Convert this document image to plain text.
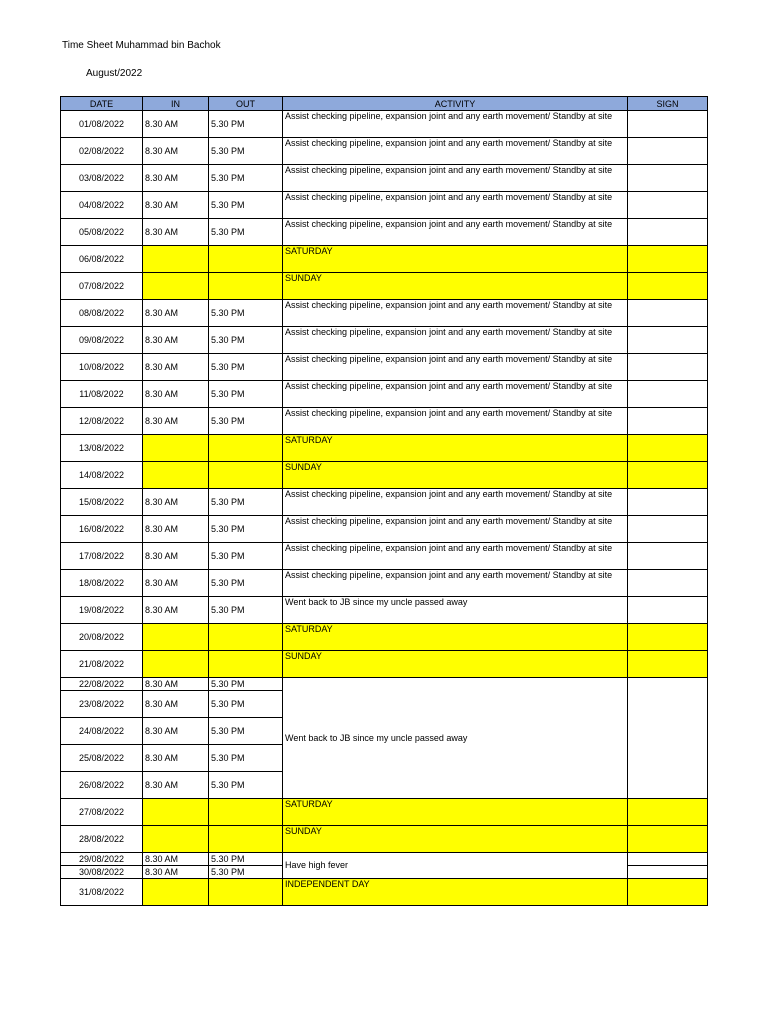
Time Sheet Muhammad bin Bachok
August/2022
DATE	IN	OUT	ACTIVITY	SIGN
01/08/2022	8.30 AM	5.30 PM	Assist checking pipeline, expansion joint and any earth movement/ Standby at site	
02/08/2022	8.30 AM	5.30 PM	Assist checking pipeline, expansion joint and any earth movement/ Standby at site	
03/08/2022	8.30 AM	5.30 PM	Assist checking pipeline, expansion joint and any earth movement/ Standby at site	
04/08/2022	8.30 AM	5.30 PM	Assist checking pipeline, expansion joint and any earth movement/ Standby at site	
05/08/2022	8.30 AM	5.30 PM	Assist checking pipeline, expansion joint and any earth movement/ Standby at site	
06/08/2022			SATURDAY	
07/08/2022			SUNDAY	
08/08/2022	8.30 AM	5.30 PM	Assist checking pipeline, expansion joint and any earth movement/ Standby at site	
09/08/2022	8.30 AM	5.30 PM	Assist checking pipeline, expansion joint and any earth movement/ Standby at site	
10/08/2022	8.30 AM	5.30 PM	Assist checking pipeline, expansion joint and any earth movement/ Standby at site	
11/08/2022	8.30 AM	5.30 PM	Assist checking pipeline, expansion joint and any earth movement/ Standby at site	
12/08/2022	8.30 AM	5.30 PM	Assist checking pipeline, expansion joint and any earth movement/ Standby at site	
13/08/2022			SATURDAY	
14/08/2022			SUNDAY	
15/08/2022	8.30 AM	5.30 PM	Assist checking pipeline, expansion joint and any earth movement/ Standby at site	
16/08/2022	8.30 AM	5.30 PM	Assist checking pipeline, expansion joint and any earth movement/ Standby at site	
17/08/2022	8.30 AM	5.30 PM	Assist checking pipeline, expansion joint and any earth movement/ Standby at site	
18/08/2022	8.30 AM	5.30 PM	Assist checking pipeline, expansion joint and any earth movement/ Standby at site	
19/08/2022	8.30 AM	5.30 PM	Went back to JB since my uncle passed away	
20/08/2022			SATURDAY	
21/08/2022			SUNDAY	
22/08/2022	8.30 AM	5.30 PM	Went back to JB since my uncle passed away	
23/08/2022	8.30 AM	5.30 PM		
24/08/2022	8.30 AM	5.30 PM		
25/08/2022	8.30 AM	5.30 PM		
26/08/2022	8.30 AM	5.30 PM		
27/08/2022			SATURDAY	
28/08/2022			SUNDAY	
29/08/2022	8.30 AM	5.30 PM	Have high fever	
30/08/2022	8.30 AM	5.30 PM		
31/08/2022			INDEPENDENT DAY	
